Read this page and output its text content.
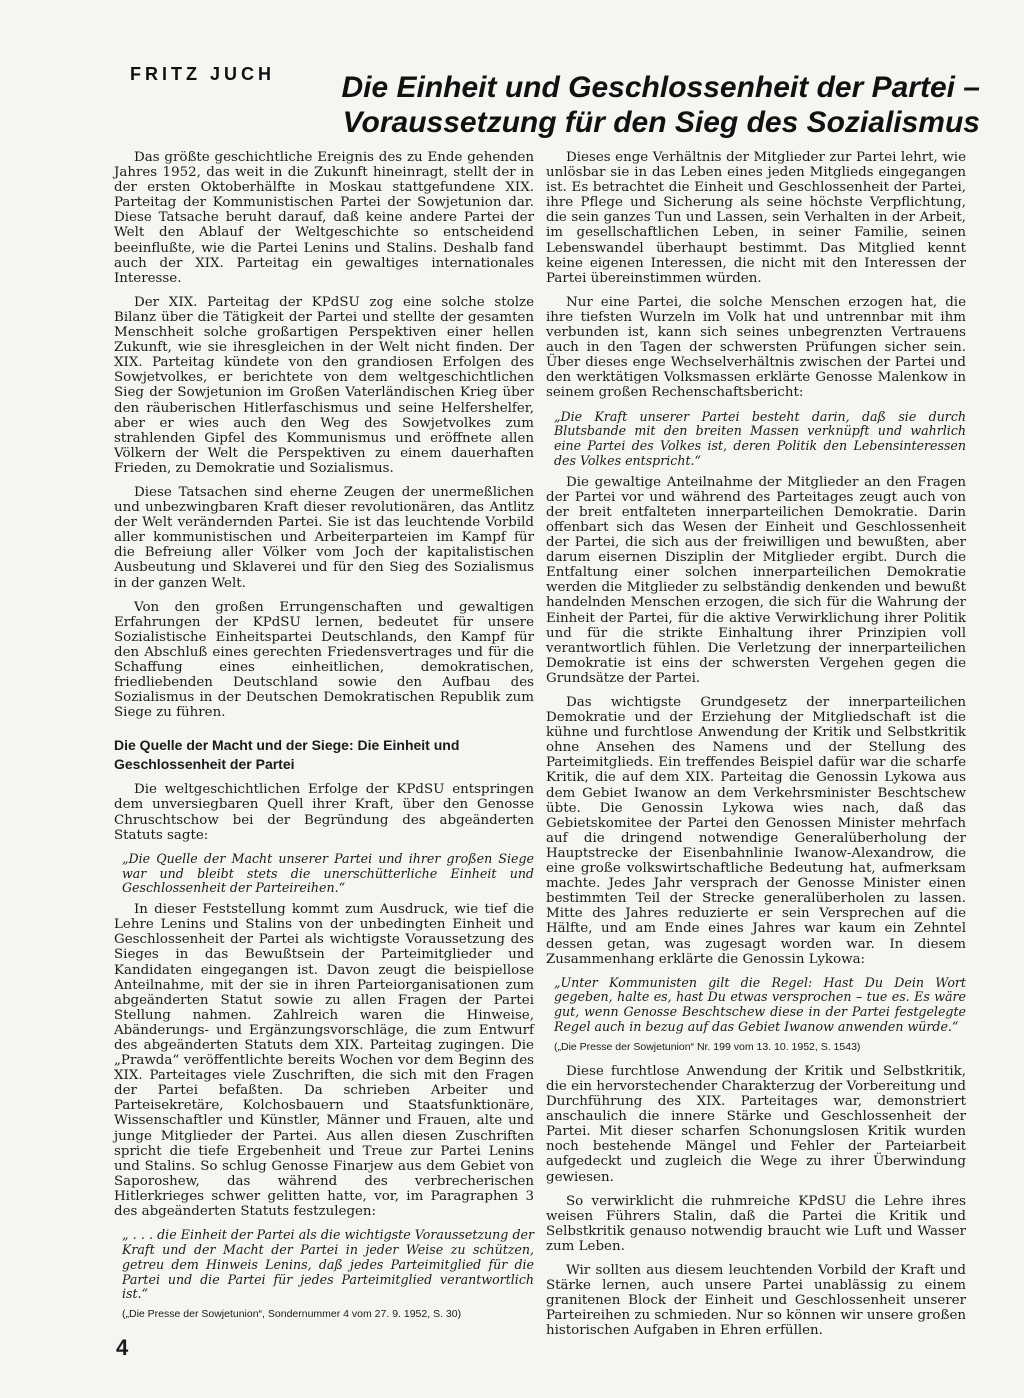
FRITZ JUCH	Die Einheit und Geschlossenheit der Partei – Voraussetzung für den Sieg des Sozialismus

Das größte geschichtliche Ereignis des zu Ende gehenden Jahres 1952, das weit in die Zukunft hineinragt, stellt der in der ersten Oktoberhälfte in Moskau stattgefundene XIX. Parteitag der Kommunistischen Partei der Sowjetunion dar. Diese Tatsache beruht darauf, daß keine andere Partei der Welt den Ablauf der Weltgeschichte so entscheidend beeinflußte, wie die Partei Lenins und Stalins. Deshalb fand auch der XIX. Parteitag ein gewaltiges internationales Interesse.

Der XIX. Parteitag der KPdSU zog eine solche stolze Bilanz über die Tätigkeit der Partei und stellte der gesamten Menschheit solche großartigen Perspektiven einer hellen Zukunft, wie sie ihresgleichen in der Welt nicht finden. Der XIX. Parteitag kündete von den grandiosen Erfolgen des Sowjetvolkes, er berichtete von dem weltgeschichtlichen Sieg der Sowjetunion im Großen Vaterländischen Krieg über den räuberischen Hitlerfaschismus und seine Helfershelfer, aber er wies auch den Weg des Sowjetvolkes zum strahlenden Gipfel des Kommunismus und eröffnete allen Völkern der Welt die Perspektiven zu einem dauerhaften Frieden, zu Demokratie und Sozialismus.

Diese Tatsachen sind eherne Zeugen der unermeßlichen und unbezwingbaren Kraft dieser revolutionären, das Antlitz der Welt verändernden Partei. Sie ist das leuchtende Vorbild aller kommunistischen und Arbeiterparteien im Kampf für die Befreiung aller Völker vom Joch der kapitalistischen Ausbeutung und Sklaverei und für den Sieg des Sozialismus in der ganzen Welt.

Von den großen Errungenschaften und gewaltigen Erfahrungen der KPdSU lernen, bedeutet für unsere Sozialistische Einheitspartei Deutschlands, den Kampf für den Abschluß eines gerechten Friedensvertrages und für die Schaffung eines einheitlichen, demokratischen, friedliebenden Deutschland sowie den Aufbau des Sozialismus in der Deutschen Demokratischen Republik zum Siege zu führen.

Die Quelle der Macht und der Siege: Die Einheit und Geschlossenheit der Partei

Die weltgeschichtlichen Erfolge der KPdSU entspringen dem unversiegbaren Quell ihrer Kraft, über den Genosse Chruschtschow bei der Begründung des abgeänderten Statuts sagte:

„Die Quelle der Macht unserer Partei und ihrer großen Siege war und bleibt stets die unerschütterliche Einheit und Geschlossenheit der Parteireihen.“

In dieser Feststellung kommt zum Ausdruck, wie tief die Lehre Lenins und Stalins von der unbedingten Einheit und Geschlossenheit der Partei als wichtigste Voraussetzung des Sieges in das Bewußtsein der Parteimitglieder und Kandidaten eingegangen ist. Davon zeugt die beispiellose Anteilnahme, mit der sie in ihren Parteiorganisationen zum abgeänderten Statut sowie zu allen Fragen der Partei Stellung nahmen. Zahlreich waren die Hinweise, Abänderungs- und Ergänzungsvorschläge, die zum Entwurf des abgeänderten Statuts dem XIX. Parteitag zugingen. Die „Prawda“ veröffentlichte bereits Wochen vor dem Beginn des XIX. Parteitages viele Zuschriften, die sich mit den Fragen der Partei befaßten. Da schrieben Arbeiter und Parteisekretäre, Kolchosbauern und Staatsfunktionäre, Wissenschaftler und Künstler, Männer und Frauen, alte und junge Mitglieder der Partei. Aus allen diesen Zuschriften spricht die tiefe Ergebenheit und Treue zur Partei Lenins und Stalins. So schlug Genosse Finarjew aus dem Gebiet von Saporoshew, das während des verbrecherischen Hitlerkrieges schwer gelitten hatte, vor, im Paragraphen 3 des abgeänderten Statuts festzulegen:

„ . . . die Einheit der Partei als die wichtigste Voraussetzung der Kraft und der Macht der Partei in jeder Weise zu schützen, getreu dem Hinweis Lenins, daß jedes Parteimitglied für die Partei und die Partei für jedes Parteimitglied verantwortlich ist.“

(„Die Presse der Sowjetunion“, Sondernummer 4 vom 27. 9. 1952, S. 30)

Dieses enge Verhältnis der Mitglieder zur Partei lehrt, wie unlösbar sie in das Leben eines jeden Mitglieds eingegangen ist. Es betrachtet die Einheit und Geschlossenheit der Partei, ihre Pflege und Sicherung als seine höchste Verpflichtung, die sein ganzes Tun und Lassen, sein Verhalten in der Arbeit, im gesellschaftlichen Leben, in seiner Familie, seinen Lebenswandel überhaupt bestimmt. Das Mitglied kennt keine eigenen Interessen, die nicht mit den Interessen der Partei übereinstimmen würden.

Nur eine Partei, die solche Menschen erzogen hat, die ihre tiefsten Wurzeln im Volk hat und untrennbar mit ihm verbunden ist, kann sich seines unbegrenzten Vertrauens auch in den Tagen der schwersten Prüfungen sicher sein. Über dieses enge Wechselverhältnis zwischen der Partei und den werktätigen Volksmassen erklärte Genosse Malenkow in seinem großen Rechenschaftsbericht:

„Die Kraft unserer Partei besteht darin, daß sie durch Blutsbande mit den breiten Massen verknüpft und wahrlich eine Partei des Volkes ist, deren Politik den Lebensinteressen des Volkes entspricht.“

Die gewaltige Anteilnahme der Mitglieder an den Fragen der Partei vor und während des Parteitages zeugt auch von der breit entfalteten innerparteilichen Demokratie. Darin offenbart sich das Wesen der Einheit und Geschlossenheit der Partei, die sich aus der freiwilligen und bewußten, aber darum eisernen Disziplin der Mitglieder ergibt. Durch die Entfaltung einer solchen innerparteilichen Demokratie werden die Mitglieder zu selbständig denkenden und bewußt handelnden Menschen erzogen, die sich für die Wahrung der Einheit der Partei, für die aktive Verwirklichung ihrer Politik und für die strikte Einhaltung ihrer Prinzipien voll verantwortlich fühlen. Die Verletzung der innerparteilichen Demokratie ist eins der schwersten Vergehen gegen die Grundsätze der Partei.

Das wichtigste Grundgesetz der innerparteilichen Demokratie und der Erziehung der Mitgliedschaft ist die kühne und furchtlose Anwendung der Kritik und Selbstkritik ohne Ansehen des Namens und der Stellung des Parteimitglieds. Ein treffendes Beispiel dafür war die scharfe Kritik, die auf dem XIX. Parteitag die Genossin Lykowa aus dem Gebiet Iwanow an dem Verkehrsminister Beschtschew übte. Die Genossin Lykowa wies nach, daß das Gebietskomitee der Partei den Genossen Minister mehrfach auf die dringend notwendige Generalüberholung der Hauptstrecke der Eisenbahnlinie Iwanow-Alexandrow, die eine große volkswirtschaftliche Bedeutung hat, aufmerksam machte. Jedes Jahr versprach der Genosse Minister einen bestimmten Teil der Strecke generalüberholen zu lassen. Mitte des Jahres reduzierte er sein Versprechen auf die Hälfte, und am Ende eines Jahres war kaum ein Zehntel dessen getan, was zugesagt worden war. In diesem Zusammenhang erklärte die Genossin Lykowa:

„Unter Kommunisten gilt die Regel: Hast Du Dein Wort gegeben, halte es, hast Du etwas versprochen – tue es. Es wäre gut, wenn Genosse Beschtschew diese in der Partei festgelegte Regel auch in bezug auf das Gebiet Iwanow anwenden würde.“

(„Die Presse der Sowjetunion“ Nr. 199 vom 13. 10. 1952, S. 1543)

Diese furchtlose Anwendung der Kritik und Selbstkritik, die ein hervorstechender Charakterzug der Vorbereitung und Durchführung des XIX. Parteitages war, demonstriert anschaulich die innere Stärke und Geschlossenheit der Partei. Mit dieser scharfen Schonungslosen Kritik wurden noch bestehende Mängel und Fehler der Parteiarbeit aufgedeckt und zugleich die Wege zu ihrer Überwindung gewiesen.

So verwirklicht die ruhmreiche KPdSU die Lehre ihres weisen Führers Stalin, daß die Partei die Kritik und Selbstkritik genauso notwendig braucht wie Luft und Wasser zum Leben.

Wir sollten aus diesem leuchtenden Vorbild der Kraft und Stärke lernen, auch unsere Partei unablässig zu einem granitenen Block der Einheit und Geschlossenheit unserer Parteireihen zu schmieden. Nur so können wir unsere großen historischen Aufgaben in Ehren erfüllen.

4
